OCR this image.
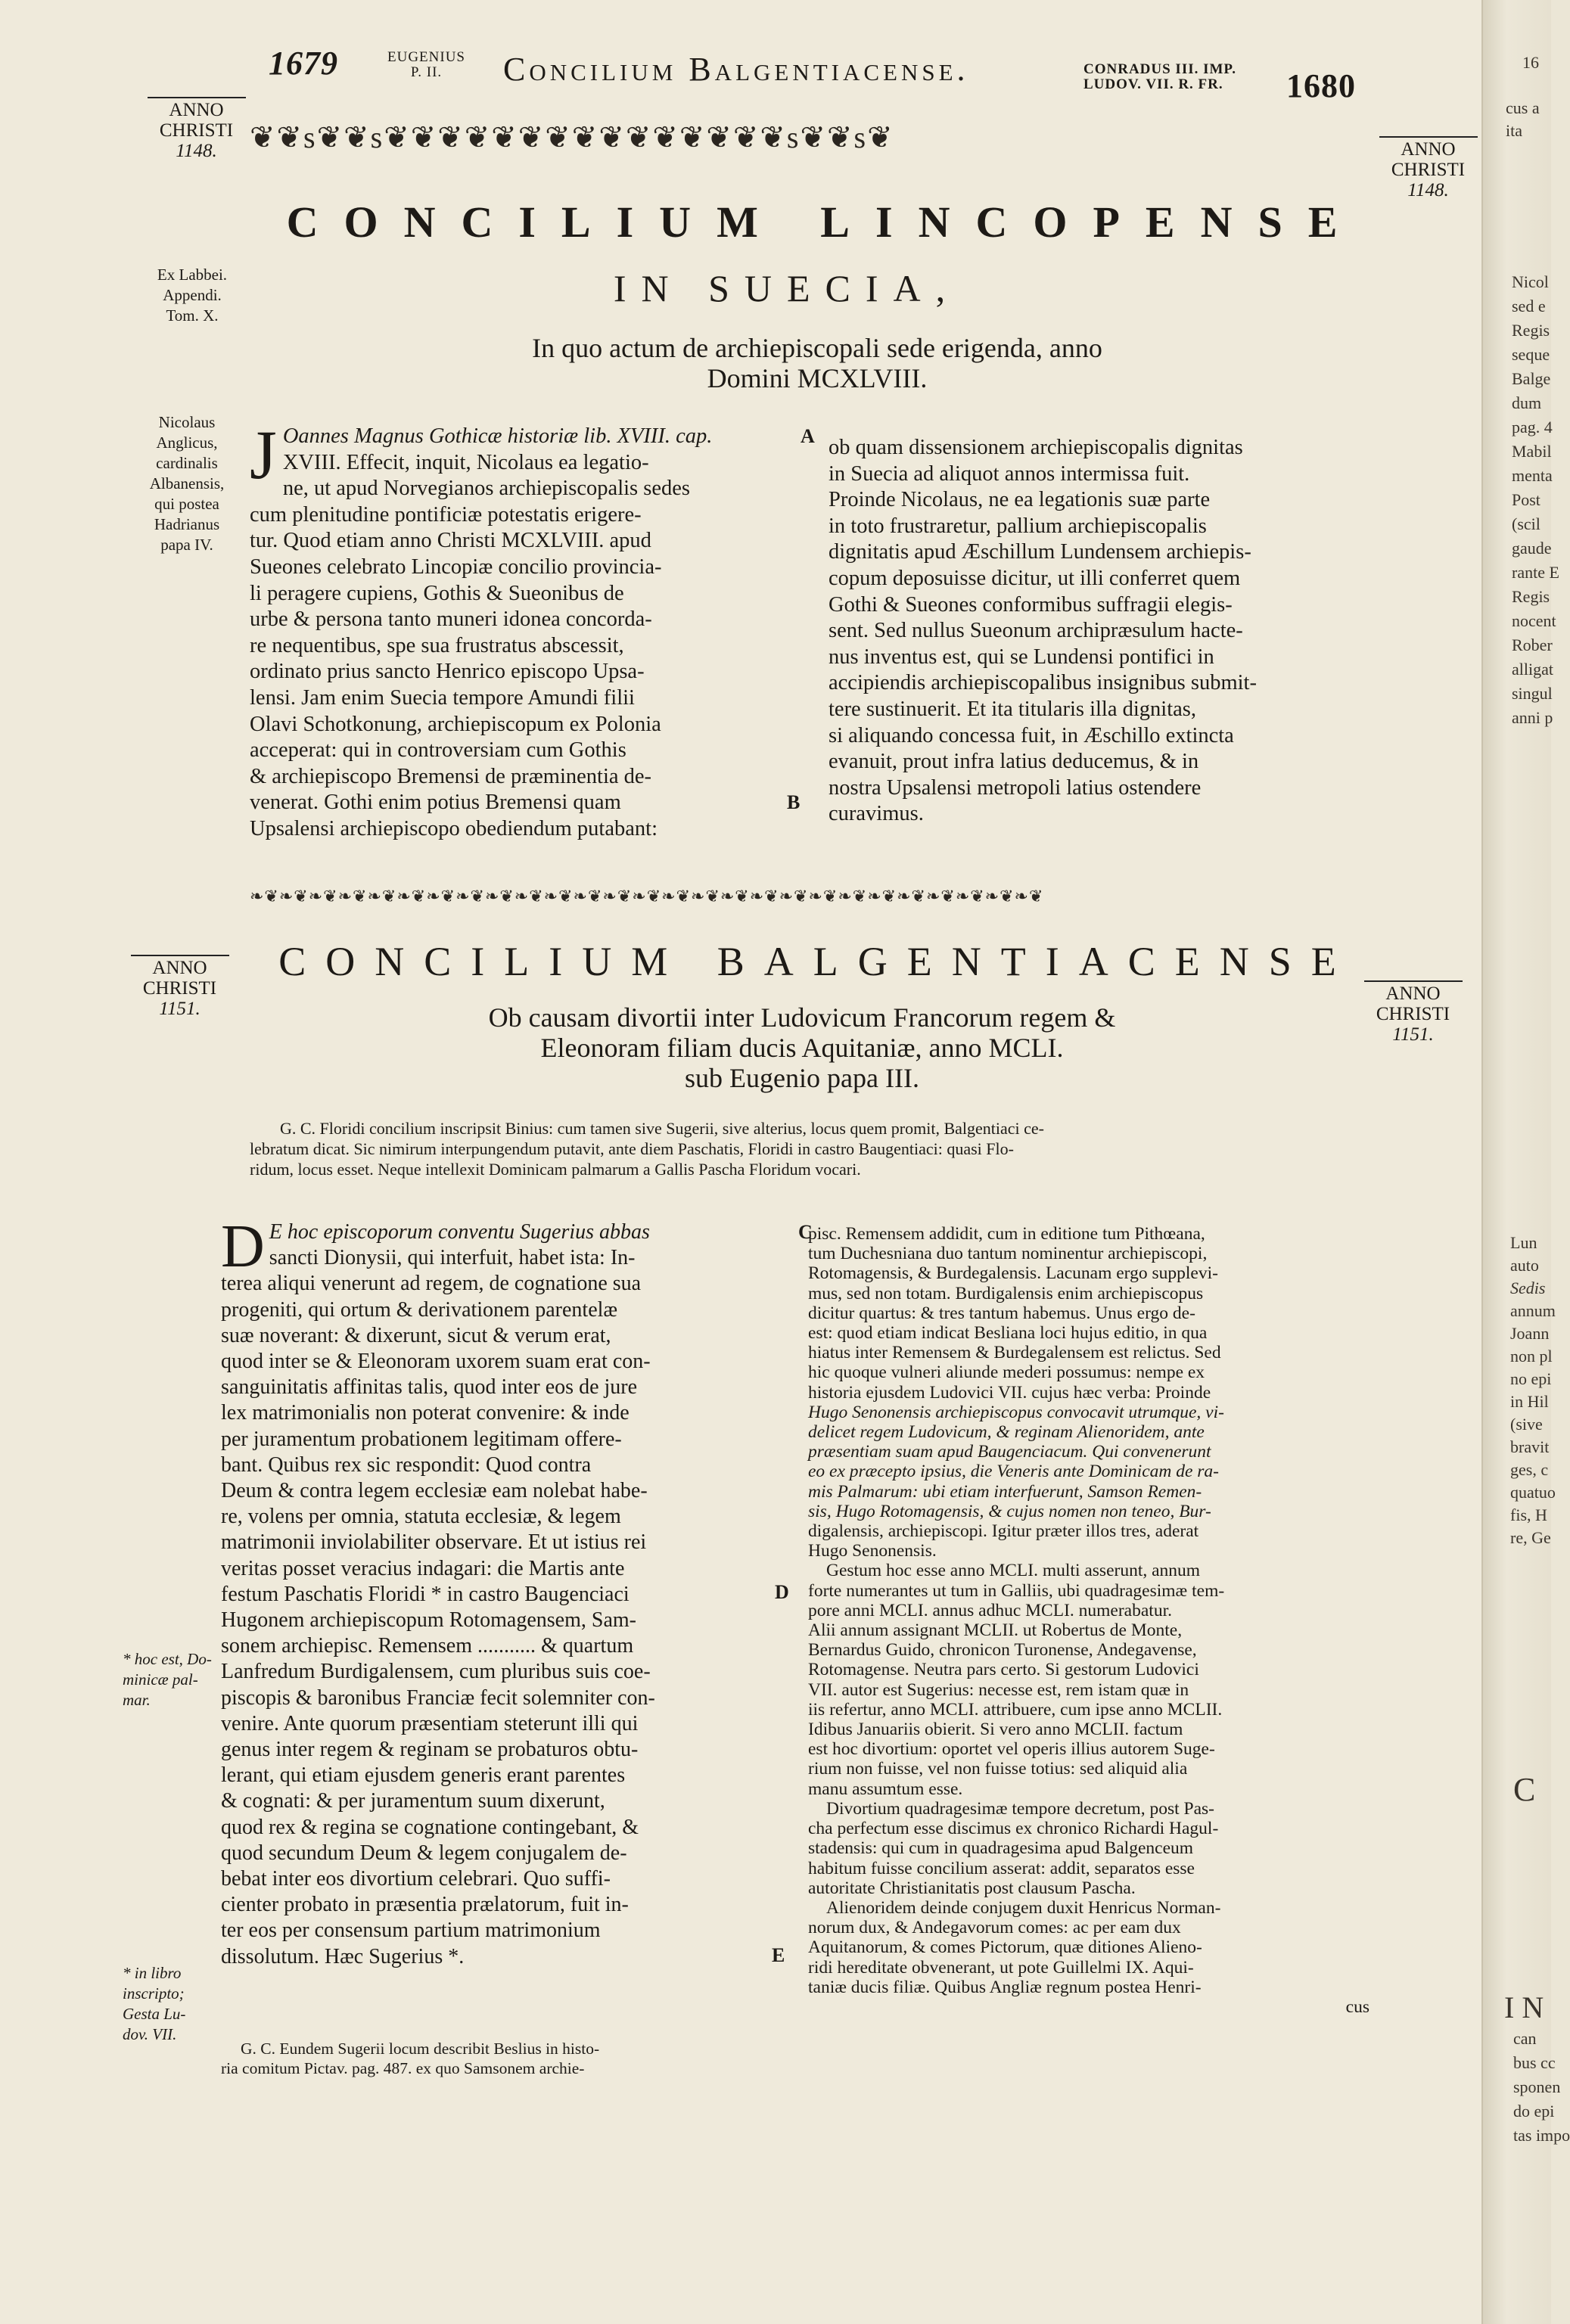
1679	EUGENIUS
P. II.	Concilium Balgentiacense.	CONRADUS III. IMP.
LUDOV. VII. R. FR.	1680
❦❦s❦❦s❦❦❦❦❦❦❦❦❦❦❦❦❦❦❦s❦❦s❦
ANNO
CHRISTI
1148.	ANNO
CHRISTI
1148.
CONCILIUM LINCOPENSE
IN SUECIA,
In quo actum de archiepiscopali sede erigenda, anno
Domini MCXLVIII.
Ex Labbei.
Appendi.
Tom. X.
Nicolaus
Anglicus,
cardinalis
Albanensis,
qui postea
Hadrianus
papa IV.
J Oannes Magnus Gothicæ historiæ lib. XVIII. cap.

XVIII. Effecit, inquit, Nicolaus ea legatio-

ne, ut apud Norvegianos archiepiscopalis sedes

cum plenitudine pontificiæ potestatis erigere-

tur. Quod etiam anno Christi MCXLVIII. apud

Sueones celebrato Lincopiæ concilio provincia-

li peragere cupiens, Gothis & Sueonibus de

urbe & persona tanto muneri idonea concorda-

re nequentibus, spe sua frustratus abscessit,

ordinato prius sancto Henrico episcopo Upsa-

lensi. Jam enim Suecia tempore Amundi filii

Olavi Schotkonung, archiepiscopum ex Polonia

acceperat: qui in controversiam cum Gothis

& archiepiscopo Bremensi de præminentia de-

venerat. Gothi enim potius Bremensi quam

Upsalensi archiepiscopo obediendum putabant:

A
B

ob quam dissensionem archiepiscopalis dignitas

in Suecia ad aliquot annos intermissa fuit.

Proinde Nicolaus, ne ea legationis suæ parte

in toto frustraretur, pallium archiepiscopalis

dignitatis apud Æschillum Lundensem archiepis-

copum deposuisse dicitur, ut illi conferret quem

Gothi & Sueones conformibus suffragii elegis-

sent. Sed nullus Sueonum archipræsulum hacte-

nus inventus est, qui se Lundensi pontifici in

accipiendis archiepiscopalibus insignibus submit-

tere sustinuerit. Et ita titularis illa dignitas,

si aliquando concessa fuit, in Æschillo extincta

evanuit, prout infra latius deducemus, & in

nostra Upsalensi metropoli latius ostendere

curavimus.

❧❦❧❦❧❦❧❦❧❦❧❦❧❦❧❦❧❦❧❦❧❦❧❦❧❦❧❦❧❦❧❦❧❦❧❦❧❦❧❦❧❦❧❦❧❦❧❦❧❦❧❦❧❦
ANNO
CHRISTI
1151.
ANNO
CHRISTI
1151.
CONCILIUM BALGENTIACENSE
Ob causam divortii inter Ludovicum Francorum regem &
Eleonoram filiam ducis Aquitaniæ, anno MCLI.
sub Eugenio papa III.
G. C. Floridi concilium inscripsit Binius: cum tamen sive Sugerii, sive alterius, locus quem promit, Balgentiaci ce-
lebratum dicat. Sic nimirum interpungendum putavit, ante diem Paschatis, Floridi in castro Baugentiaci: quasi Flo-
ridum, locus esset. Neque intellexit Dominicam palmarum a Gallis Pascha Floridum vocari.
D E hoc episcoporum conventu Sugerius abbas

sancti Dionysii, qui interfuit, habet ista: In-

terea aliqui venerunt ad regem, de cognatione sua

progeniti, qui ortum & derivationem parentelæ

suæ noverant: & dixerunt, sicut & verum erat,

quod inter se & Eleonoram uxorem suam erat con-

sanguinitatis affinitas talis, quod inter eos de jure

lex matrimonialis non poterat convenire: & inde

per juramentum probationem legitimam offere-

bant. Quibus rex sic respondit: Quod contra

Deum & contra legem ecclesiæ eam nolebat habe-

re, volens per omnia, statuta ecclesiæ, & legem

matrimonii inviolabiliter observare. Et ut istius rei

veritas posset veracius indagari: die Martis ante

festum Paschatis Floridi * in castro Baugenciaci

Hugonem archiepiscopum Rotomagensem, Sam-

sonem archiepisc. Remensem ........... & quartum

Lanfredum Burdigalensem, cum pluribus suis coe-

piscopis & baronibus Franciæ fecit solemniter con-

venire. Ante quorum præsentiam steterunt illi qui

genus inter regem & reginam se probaturos obtu-

lerant, qui etiam ejusdem generis erant parentes

& cognati: & per juramentum suum dixerunt,

quod rex & regina se cognatione contingebant, &

quod secundum Deum & legem conjugalem de-

bebat inter eos divortium celebrari. Quo suffi-

cienter probato in præsentia prælatorum, fuit in-

ter eos per consensum partium matrimonium

dissolutum. Hæc Sugerius *.

G. C. Eundem Sugerii locum describit Beslius in histo-
ria comitum Pictav. pag. 487. ex quo Samsonem archie-
* hoc est, Do-
minicæ pal-
mar.
* in libro
inscripto;
Gesta Lu-
dov. VII.
C
D
E
pisc. Remensem addidit, cum in editione tum Pithœana,
tum Duchesniana duo tantum nominentur archiepiscopi,
Rotomagensis, & Burdegalensis. Lacunam ergo supplevi-
mus, sed non totam. Burdigalensis enim archiepiscopus
dicitur quartus: & tres tantum habemus. Unus ergo de-
est: quod etiam indicat Besliana loci hujus editio, in qua
hiatus inter Remensem & Burdegalensem est relictus. Sed
hic quoque vulneri aliunde mederi possumus: nempe ex
historia ejusdem Ludovici VII. cujus hæc verba: Proinde
Hugo Senonensis archiepiscopus convocavit utrumque, vi-
delicet regem Ludovicum, & reginam Alienoridem, ante
præsentiam suam apud Baugenciacum. Qui convenerunt
eo ex præcepto ipsius, die Veneris ante Dominicam de ra-
mis Palmarum: ubi etiam interfuerunt, Samson Remen-
sis, Hugo Rotomagensis, & cujus nomen non teneo, Bur-
digalensis, archiepiscopi. Igitur præter illos tres, aderat
Hugo Senonensis.
Gestum hoc esse anno MCLI. multi asserunt, annum
forte numerantes ut tum in Galliis, ubi quadragesimæ tem-
pore anni MCLI. annus adhuc MCLI. numerabatur.
Alii annum assignant MCLII. ut Robertus de Monte,
Bernardus Guido, chronicon Turonense, Andegavense,
Rotomagense. Neutra pars certo. Si gestorum Ludovici
VII. autor est Sugerius: necesse est, rem istam quæ in
iis refertur, anno MCLI. attribuere, cum ipse anno MCLII.
Idibus Januariis obierit. Si vero anno MCLII. factum
est hoc divortium: oportet vel operis illius autorem Suge-
rium non fuisse, vel non fuisse totius: sed aliquid alia
manu assumtum esse.
Divortium quadragesimæ tempore decretum, post Pas-
cha perfectum esse discimus ex chronico Richardi Hagul-
stadensis: qui cum in quadragesima apud Balgenceum
habitum fuisse concilium asserat: addit, separatos esse
autoritate Christianitatis post clausum Pascha.
Alienoridem deinde conjugem duxit Henricus Norman-
norum dux, & Andegavorum comes: ac per eam dux
Aquitanorum, & comes Pictorum, quæ ditiones Alieno-
ridi hereditate obvenerant, ut pote Guillelmi IX. Aqui-
taniæ ducis filiæ. Quibus Angliæ regnum postea Henri-
cus
16
cus a
ita
Nicol
sed e
Regis
seque
Balge
dum
pag. 4
Mabil
menta
Post
(scil
gaude
rante E
Regis
nocent
Rober
alligat
singul
anni p
Lun
auto
Sedis
annum
Joann
non pl
no epi
in Hil
(sive
bravit
ges, c
quatuo
fis, H
re, Ge
C
I N
can
bus cc
sponen
do epi
tas impo
